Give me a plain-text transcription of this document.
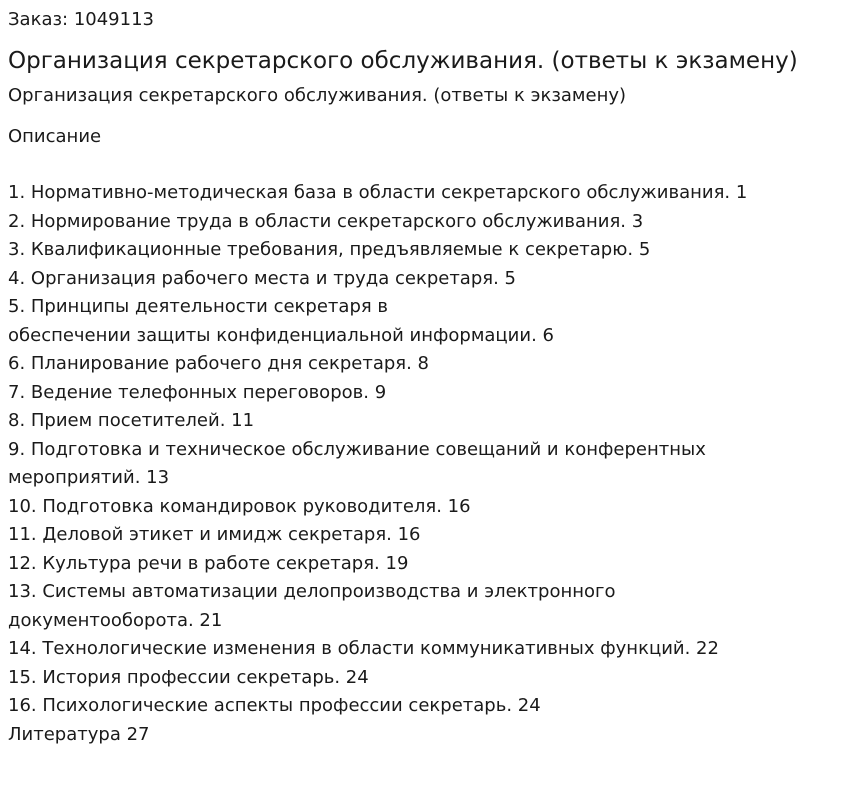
Заказ: 1049113

Организация секретарского обслуживания. (ответы к экзамену)

Организация секретарского обслуживания. (ответы к экзамену)

Описание
1. Нормативно-методическая база в области секретарского обслуживания. 1
2. Нормирование труда в области секретарского обслуживания. 3
3. Квалификационные требования, предъявляемые к секретарю. 5
4. Организация рабочего места и труда секретаря. 5
5. Принципы деятельности секретаря в
обеспечении защиты конфиденциальной информации. 6
6. Планирование рабочего дня секретаря. 8
7. Ведение телефонных переговоров. 9
8. Прием посетителей. 11
9. Подготовка и техническое обслуживание совещаний и конферентных
мероприятий. 13
10. Подготовка командировок руководителя. 16
11. Деловой этикет и имидж секретаря. 16
12. Культура речи в работе секретаря. 19
13. Системы автоматизации делопроизводства и электронного
документооборота. 21
14. Технологические изменения в области коммуникативных функций. 22
15. История профессии секретарь. 24
16. Психологические аспекты профессии секретарь. 24
Литература 27
